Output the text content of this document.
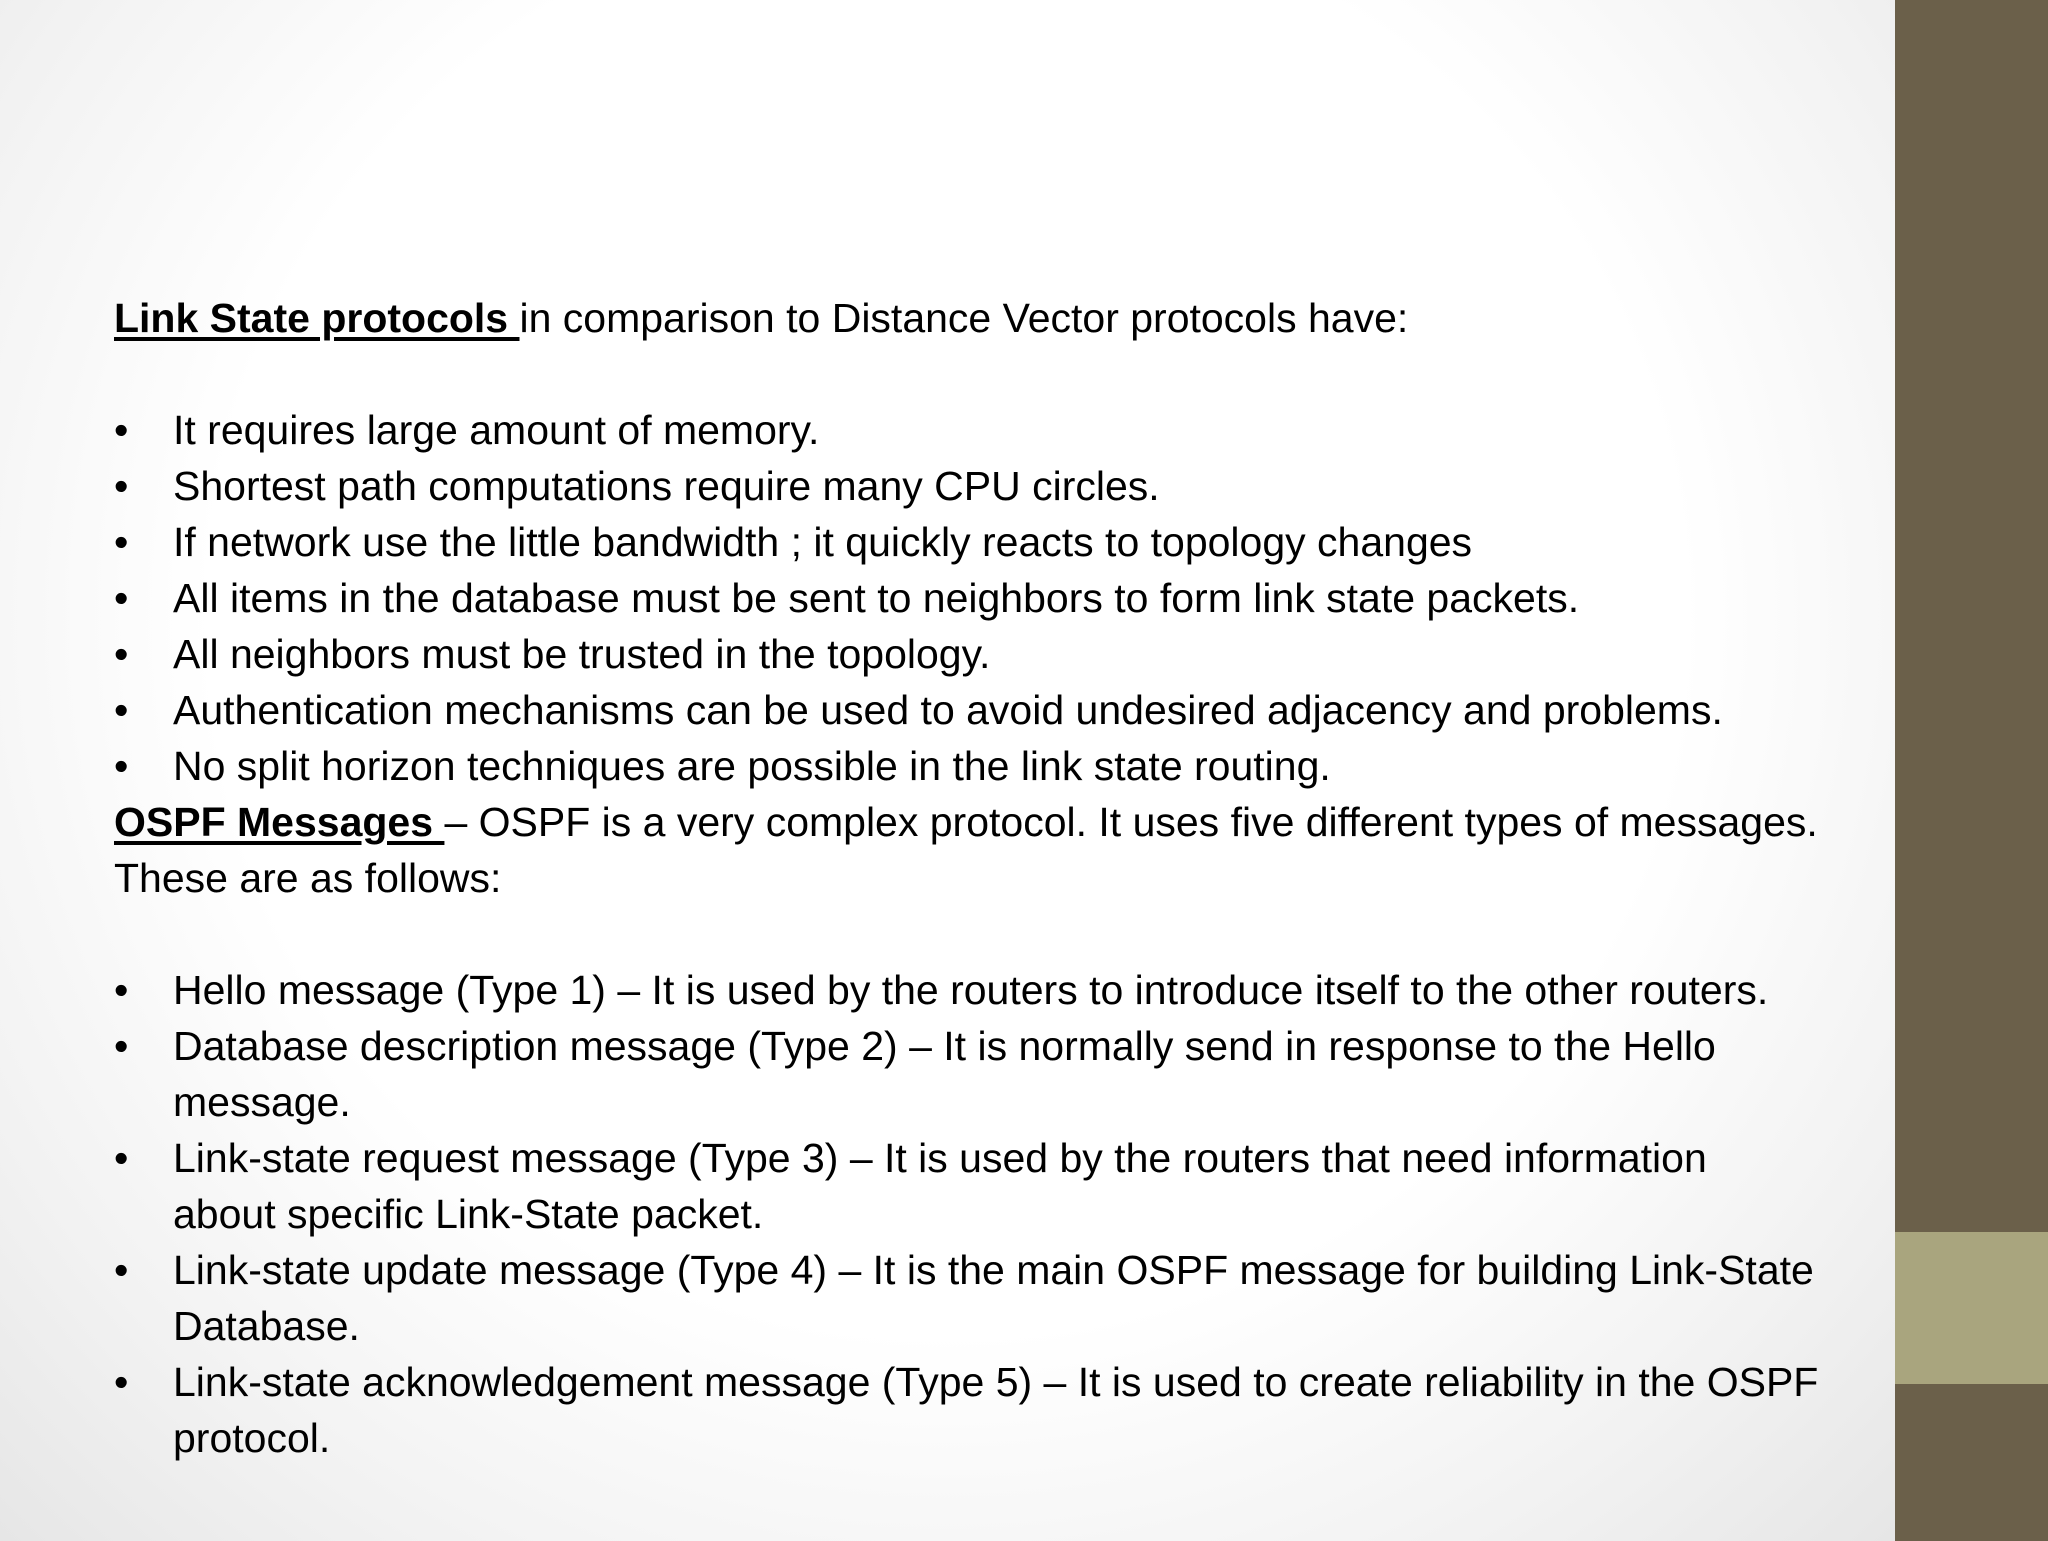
Link State protocols in comparison to Distance Vector protocols have:
• It requires large amount of memory.
• Shortest path computations require many CPU circles.
• If network use the little bandwidth ; it quickly reacts to topology changes
• All items in the database must be sent to neighbors to form link state packets.
• All neighbors must be trusted in the topology.
• Authentication mechanisms can be used to avoid undesired adjacency and problems.
• No split horizon techniques are possible in the link state routing.
OSPF Messages – OSPF is a very complex protocol. It uses five different types of messages.
These are as follows:
• Hello message (Type 1) – It is used by the routers to introduce itself to the other routers.
• Database description message (Type 2) – It is normally send in response to the Hello
message.
• Link-state request message (Type 3) – It is used by the routers that need information
about specific Link-State packet.
• Link-state update message (Type 4) – It is the main OSPF message for building Link-State
Database.
• Link-state acknowledgement message (Type 5) – It is used to create reliability in the OSPF
protocol.
